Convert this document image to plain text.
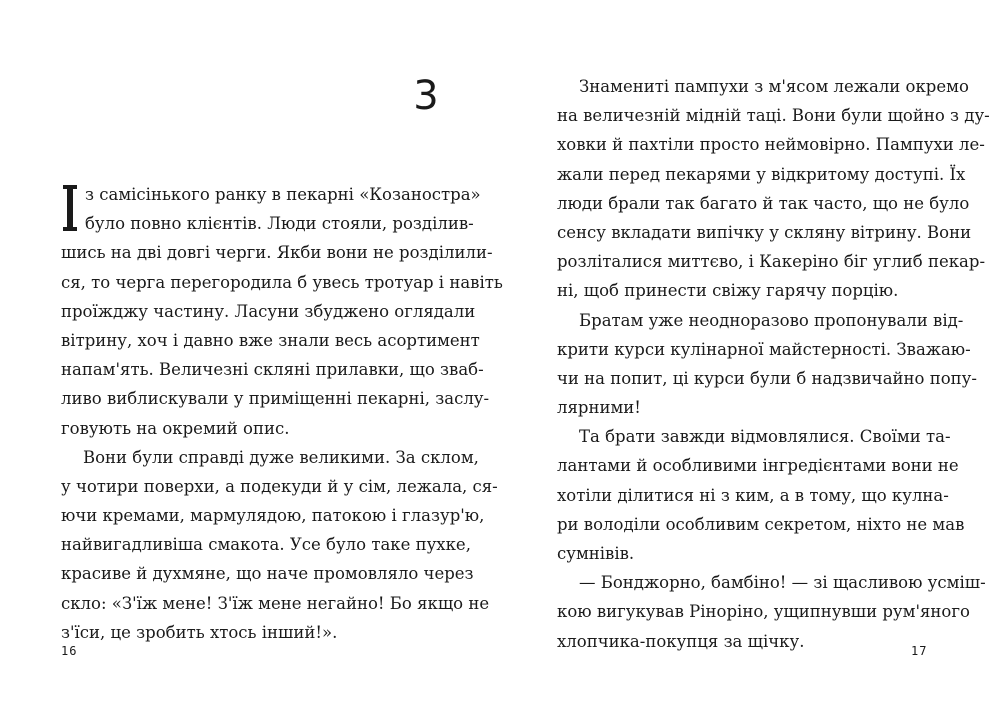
3
з самісінького ранку в пекарні «Козаностра»
було повно клієнтів. Люди стояли, розділив-
шись на дві довгі черги. Якби вони не розділили-
ся, то черга перегородила б увесь тротуар і навіть
проїжджу частину. Ласуни збуджено оглядали
вітрину, хоч і давно вже знали весь асортимент
напам'ять. Величезні скляні прилавки, що зваб-
ливо виблискували у приміщенні пекарні, заслу-
говують на окремий опис.
Вони були справді дуже великими. За склом,
у чотири поверхи, а подекуди й у сім, лежала, ся-
ючи кремами, мармулядою, патокою і глазур'ю,
найвигадливіша смакота. Усе було таке пухке,
красиве й духмяне, що наче промовляло через
скло: «З'їж мене! З'їж мене негайно! Бо якщо не
з'їси, це зробить хтось інший!».
16
Знамениті пампухи з м'ясом лежали окремо
на величезній мідній таці. Вони були щойно з ду-
ховки й пахтіли просто неймовірно. Пампухи ле-
жали перед пекарями у відкритому доступі. Їх
люди брали так багато й так часто, що не було
сенсу вкладати випічку у скляну вітрину. Вони
розліталися миттєво, і Какеріно біг углиб пекар-
ні, щоб принести свіжу гарячу порцію.
Братам уже неодноразово пропонували від-
крити курси кулінарної майстерності. Зважаю-
чи на попит, ці курси були б надзвичайно попу-
лярними!
Та брати завжди відмовлялися. Своїми та-
лантами й особливими інгредієнтами вони не
хотіли ділитися ні з ким, а в тому, що кулна-
ри володіли особливим секретом, ніхто не мав
сумнівів.
— Бонджорно, бамбіно! — зі щасливою усміш-
кою вигукував Ріноріно, ущипнувши рум'яного
хлопчика-покупця за щічку.
17
